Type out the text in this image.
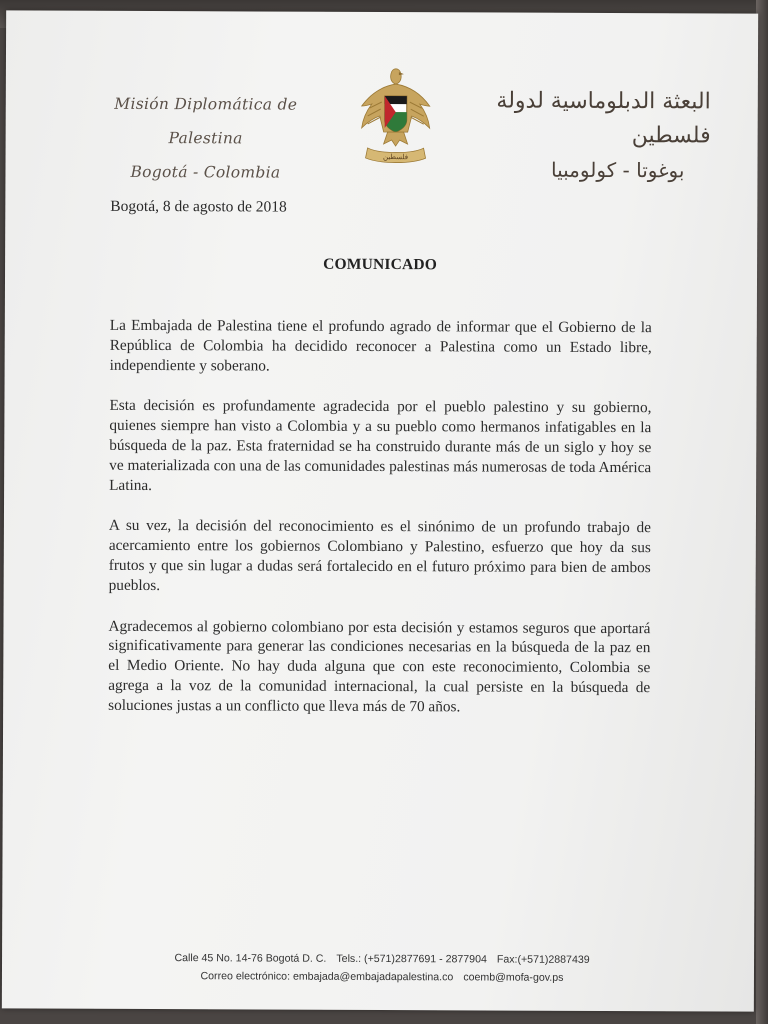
Misión Diplomática de Palestina
Bogotá - Colombia
فلسطين
البعثة الدبلوماسية لدولة فلسطين
بوغوتا - كولومبيا
Bogotá, 8 de agosto de 2018
COMUNICADO

La Embajada de Palestina tiene el profundo agrado de informar que el Gobierno de la República de Colombia ha decidido reconocer a Palestina como un Estado libre, independiente y soberano.

Esta decisión es profundamente agradecida por el pueblo palestino y su gobierno, quienes siempre han visto a Colombia y a su pueblo como hermanos infatigables en la búsqueda de la paz. Esta fraternidad se ha construido durante más de un siglo y hoy se ve materializada con una de las comunidades palestinas más numerosas de toda América Latina.

A su vez, la decisión del reconocimiento es el sinónimo de un profundo trabajo de acercamiento entre los gobiernos Colombiano y Palestino, esfuerzo que hoy da sus frutos y que sin lugar a dudas será fortalecido en el futuro próximo para bien de ambos pueblos.

Agradecemos al gobierno colombiano por esta decisión y estamos seguros que aportará significativamente para generar las condiciones necesarias en la búsqueda de la paz en el Medio Oriente. No hay duda alguna que con este reconocimiento, Colombia se agrega a la voz de la comunidad internacional, la cual persiste en la búsqueda de soluciones justas a un conflicto que lleva más de 70 años.

Calle 45 No. 14-76 Bogotá D. C. Tels.: (+571)2877691 - 2877904 Fax:(+571)2887439
Correo electrónico: embajada@embajadapalestina.co coemb@mofa-gov.ps
